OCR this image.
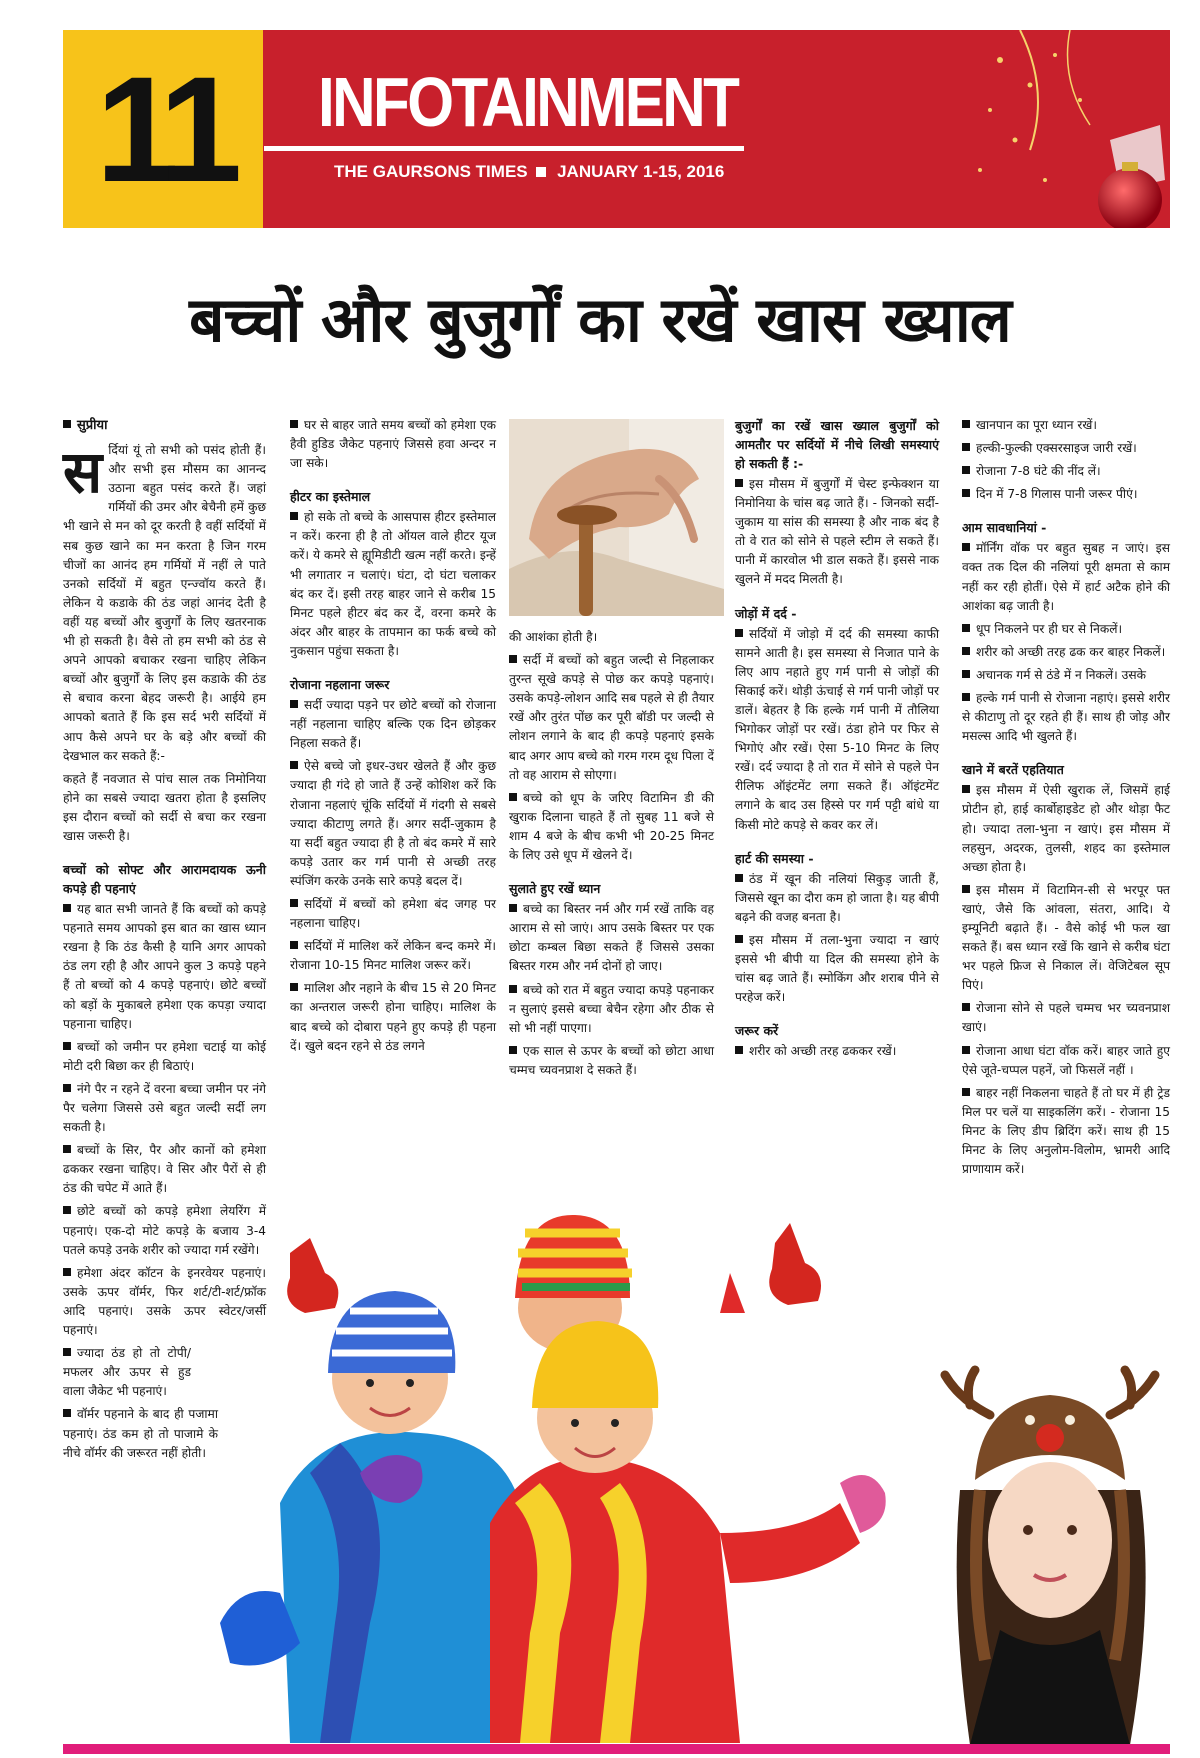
11	INFOTAINMENT
THE GAURSONS TIMES JANUARY 1-15, 2016
बच्चों और बुजुर्गों का रखें खास ख्याल
सुप्रीया

सर्दियां यूं तो सभी को पसंद होती हैं। और सभी इस मौसम का आनन्द उठाना बहुत पसंद करते हैं। जहां गर्मियों की उमर और बेचैनी हमें कुछ भी खाने से मन को दूर करती है वहीं सर्दियों में सब कुछ खाने का मन करता है जिन गरम चीजों का आनंद हम गर्मियों में नहीं ले पाते उनको सर्दियों में बहुत एन्ज्वॉय करते हैं। लेकिन ये कडाके की ठंड जहां आनंद देती है वहीं यह बच्चों और बुजुर्गों के लिए खतरनाक भी हो सकती है। वैसे तो हम सभी को ठंड से अपने आपको बचाकर रखना चाहिए लेकिन बच्चों और बुजुर्गों के लिए इस कडाके की ठंड से बचाव करना बेहद जरूरी है। आईये हम आपको बताते हैं कि इस सर्द भरी सर्दियों में आप कैसे अपने घर के बड़े और बच्चों की देखभाल कर सकते हैं:-

कहते हैं नवजात से पांच साल तक निमोनिया होने का सबसे ज्यादा खतरा होता है इसलिए इस दौरान बच्चों को सर्दी से बचा कर रखना खास जरूरी है।

बच्चों को सोफ्ट और आरामदायक ऊनी कपड़े ही पहनाएं

यह बात सभी जानते हैं कि बच्चों को कपड़े पहनाते समय आपको इस बात का खास ध्यान रखना है कि ठंड कैसी है यानि अगर आपको ठंड लग रही है और आपने कुल 3 कपड़े पहने हैं तो बच्चों को 4 कपड़े पहनाएं। छोटे बच्चों को बड़ों के मुकाबले हमेशा एक कपड़ा ज्यादा पहनाना चाहिए।

बच्चों को जमीन पर हमेशा चटाई या कोई मोटी दरी बिछा कर ही बिठाएं।

नंगे पैर न रहने दें वरना बच्चा जमीन पर नंगे पैर चलेगा जिससे उसे बहुत जल्दी सर्दी लग सकती है।

बच्चों के सिर, पैर और कानों को हमेशा ढककर रखना चाहिए। वे सिर और पैरों से ही ठंड की चपेट में आते हैं।

छोटे बच्चों को कपड़े हमेशा लेयरिंग में पहनाएं। एक-दो मोटे कपड़े के बजाय 3-4 पतले कपड़े उनके शरीर को ज्यादा गर्म रखेंगे।

हमेशा अंदर कॉटन के इनरवेयर पहनाएं। उसके ऊपर वॉर्मर, फिर शर्ट/टी-शर्ट/फ्रॉक आदि पहनाएं। उसके ऊपर स्वेटर/जर्सी पहनाएं।

ज्यादा ठंड हो तो टोपी/मफलर और ऊपर से हुड वाला जैकेट भी पहनाएं।

वॉर्मर पहनाने के बाद ही पजामा पहनाएं। ठंड कम हो तो पाजामे के नीचे वॉर्मर की जरूरत नहीं होती।

घर से बाहर जाते समय बच्चों को हमेशा एक हैवी हुडिड जैकेट पहनाएं जिससे हवा अन्दर न जा सके।

हीटर का इस्तेमाल

हो सके तो बच्चे के आसपास हीटर इस्तेमाल न करें। करना ही है तो ऑयल वाले हीटर यूज करें। ये कमरे से ह्यूमिडीटी खत्म नहीं करते। इन्हें भी लगातार न चलाएं। घंटा, दो घंटा चलाकर बंद कर दें। इसी तरह बाहर जाने से करीब 15 मिनट पहले हीटर बंद कर दें, वरना कमरे के अंदर और बाहर के तापमान का फर्क बच्चे को नुकसान पहुंचा सकता है।

रोजाना नहलाना जरूर

सर्दी ज्यादा पड़ने पर छोटे बच्चों को रोजाना नहीं नहलाना चाहिए बल्कि एक दिन छोड़कर निहला सकते हैं।

ऐसे बच्चे जो इधर-उधर खेलते हैं और कुछ ज्यादा ही गंदे हो जाते हैं उन्हें कोशिश करें कि रोजाना नहलाएं चूंकि सर्दियों में गंदगी से सबसे ज्यादा कीटाणु लगते हैं। अगर सर्दी-जुकाम है या सर्दी बहुत ज्यादा ही है तो बंद कमरे में सारे कपड़े उतार कर गर्म पानी से अच्छी तरह स्पंजिंग करके उनके सारे कपड़े बदल दें।

सर्दियों में बच्चों को हमेशा बंद जगह पर नहलाना चाहिए।

सर्दियों में मालिश करें लेकिन बन्द कमरे में। रोजाना 10-15 मिनट मालिश जरूर करें।

मालिश और नहाने के बीच 15 से 20 मिनट का अन्तराल जरूरी होना चाहिए। मालिश के बाद बच्चे को दोबारा पहने हुए कपड़े ही पहना दें। खुले बदन रहने से ठंड लगने

की आशंका होती है।

सर्दी में बच्चों को बहुत जल्दी से निहलाकर तुरन्त सूखे कपड़े से पोछ कर कपड़े पहनाएं। उसके कपड़े-लोशन आदि सब पहले से ही तैयार रखें और तुरंत पोंछ कर पूरी बॉडी पर जल्दी से लोशन लगाने के बाद ही कपड़े पहनाएं इसके बाद अगर आप बच्चे को गरम गरम दूध पिला दें तो वह आराम से सोएगा।

बच्चे को धूप के जरिए विटामिन डी की खुराक दिलाना चाहते हैं तो सुबह 11 बजे से शाम 4 बजे के बीच कभी भी 20-25 मिनट के लिए उसे धूप में खेलने दें।

सुलाते हुए रखें ध्यान

बच्चे का बिस्तर नर्म और गर्म रखें ताकि वह आराम से सो जाएं। आप उसके बिस्तर पर एक छोटा कम्बल बिछा सकते हैं जिससे उसका बिस्तर गरम और नर्म दोनों हो जाए।

बच्चे को रात में बहुत ज्यादा कपड़े पहनाकर न सुलाएं इससे बच्चा बेचैन रहेगा और ठीक से सो भी नहीं पाएगा।

एक साल से ऊपर के बच्चों को छोटा आधा चम्मच च्यवनप्राश दे सकते हैं।

बुजुर्गों का रखें खास ख्याल बुजुर्गों को आमतौर पर सर्दियों में नीचे लिखी समस्याएं हो सकती हैं :-

इस मौसम में बुजुर्गों में चेस्ट इन्फेक्शन या निमोनिया के चांस बढ़ जाते हैं। - जिनको सर्दी-जुकाम या सांस की समस्या है और नाक बंद है तो वे रात को सोने से पहले स्टीम ले सकते हैं। पानी में कारवोल भी डाल सकते हैं। इससे नाक खुलने में मदद मिलती है।

जोड़ों में दर्द -

सर्दियों में जोड़ो में दर्द की समस्या काफी सामने आती है। इस समस्या से निजात पाने के लिए आप नहाते हुए गर्म पानी से जोड़ों की सिकाई करें। थोड़ी ऊंचाई से गर्म पानी जोड़ों पर डालें। बेहतर है कि हल्के गर्म पानी में तौलिया भिगोकर जोड़ों पर रखें। ठंडा होने पर फिर से भिगोएं और रखें। ऐसा 5-10 मिनट के लिए रखें। दर्द ज्यादा है तो रात में सोने से पहले पेन रीलिफ ऑइंटमेंट लगा सकते हैं। ऑइंटमेंट लगाने के बाद उस हिस्से पर गर्म पट्टी बांधे या किसी मोटे कपड़े से कवर कर लें।

हार्ट की समस्या -

ठंड में खून की नलियां सिकुड़ जाती हैं, जिससे खून का दौरा कम हो जाता है। यह बीपी बढ़ने की वजह बनता है।

इस मौसम में तला-भुना ज्यादा न खाएं इससे भी बीपी या दिल की समस्या होने के चांस बढ़ जाते हैं। स्मोकिंग और शराब पीने से परहेज करें।

जरूर करें

शरीर को अच्छी तरह ढककर रखें।

खानपान का पूरा ध्यान रखें।

हल्की-फुल्की एक्सरसाइज जारी रखें।

रोजाना 7-8 घंटे की नींद लें।

दिन में 7-8 गिलास पानी जरूर पीएं।

आम सावधानियां -

मॉर्निंग वॉक पर बहुत सुबह न जाएं। इस वक्त तक दिल की नलियां पूरी क्षमता से काम नहीं कर रही होतीं। ऐसे में हार्ट अटैक होने की आशंका बढ़ जाती है।

धूप निकलने पर ही घर से निकलें।

शरीर को अच्छी तरह ढक कर बाहर निकलें।

अचानक गर्म से ठंडे में न निकलें। उसके

हल्के गर्म पानी से रोजाना नहाएं। इससे शरीर से कीटाणु तो दूर रहते ही हैं। साथ ही जोड़ और मसल्स आदि भी खुलते हैं।

खाने में बरतें एहतियात

इस मौसम में ऐसी खुराक लें, जिसमें हाई प्रोटीन हो, हाई कार्बोहाइडेट हो और थोड़ा फैट हो। ज्यादा तला-भुना न खाएं। इस मौसम में लहसुन, अदरक, तुलसी, शहद का इस्तेमाल अच्छा होता है।

इस मौसम में विटामिन-सी से भरपूर फ्त खाएं, जैसे कि आंवला, संतरा, आदि। ये इम्यूनिटी बढ़ाते हैं। - वैसे कोई भी फल खा सकते हैं। बस ध्यान रखें कि खाने से करीब घंटा भर पहले फ्रिज से निकाल लें। वेजिटेबल सूप पिएं।

रोजाना सोने से पहले चम्मच भर च्यवनप्राश खाएं।

रोजाना आधा घंटा वॉक करें। बाहर जाते हुए ऐसे जूते-चप्पल पहनें, जो फिसलें नहीं ।

बाहर नहीं निकलना चाहते हैं तो घर में ही ट्रेड मिल पर चलें या साइकलिंग करें। - रोजाना 15 मिनट के लिए डीप ब्रिदिंग करें। साथ ही 15 मिनट के लिए अनुलोम-विलोम, भ्रामरी आदि प्राणायाम करें।
